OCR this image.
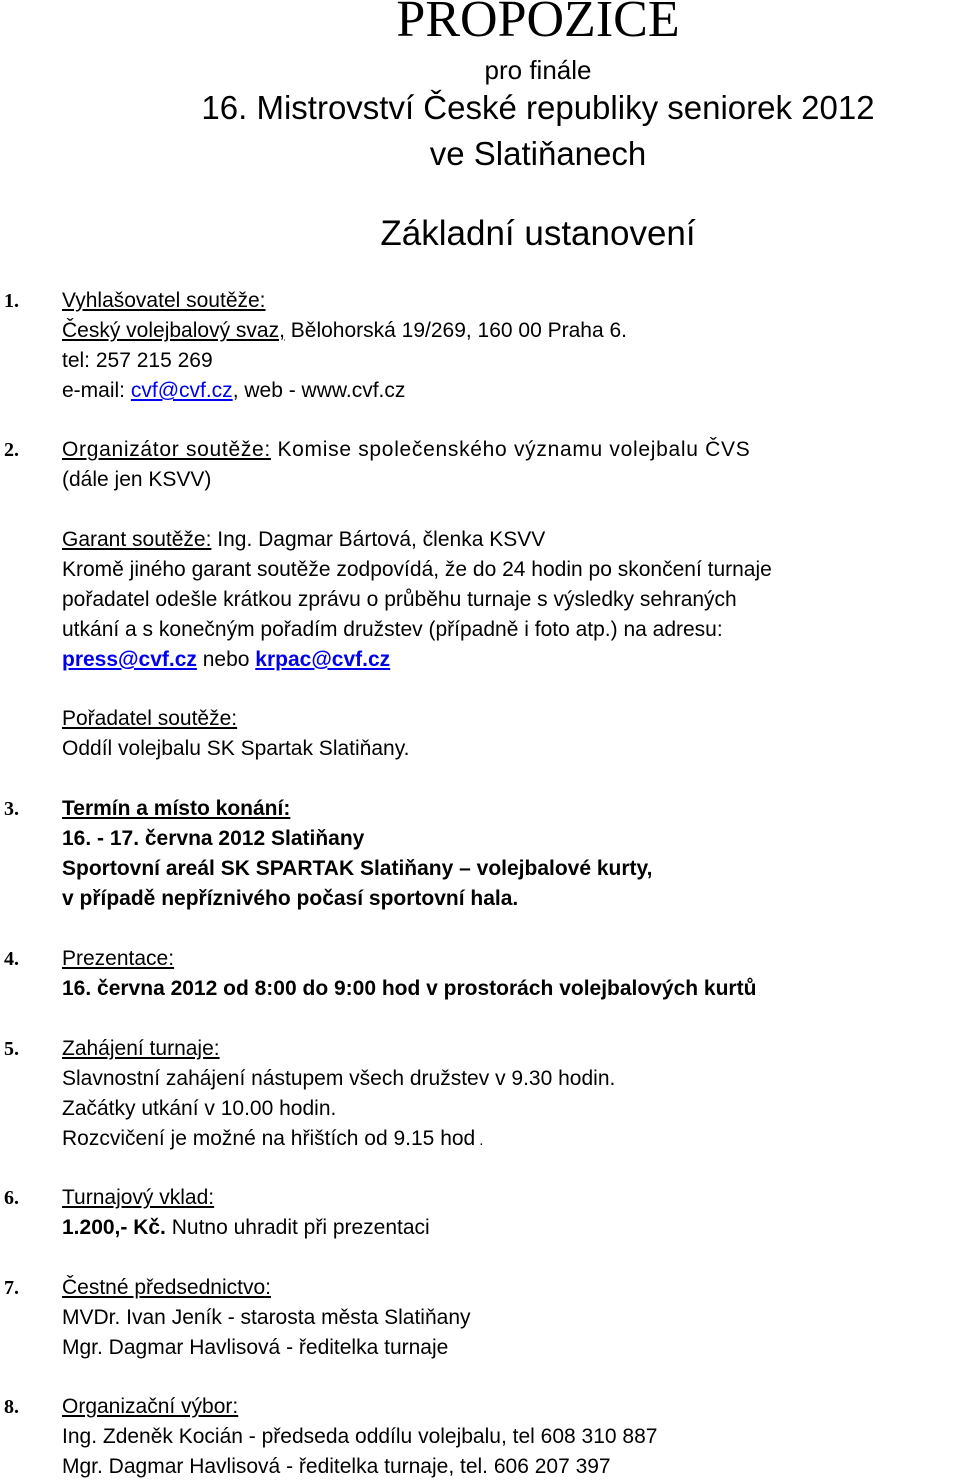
PROPOZICE
pro finále
16. Mistrovství České republiky seniorek 2012
ve Slatiňanech
Základní ustanovení
1. Vyhlašovatel soutěže:
Český volejbalový svaz, Bělohorská 19/269, 160 00 Praha 6.
tel: 257 215 269
e-mail: cvf@cvf.cz, web - www.cvf.cz
2. Organizátor soutěže: Komise společenského významu volejbalu ČVS
(dále jen KSVV)
Garant soutěže: Ing. Dagmar Bártová, členka KSVV
Kromě jiného garant soutěže zodpovídá, že do 24 hodin po skončení turnaje
pořadatel odešle krátkou zprávu o průběhu turnaje s výsledky sehraných
utkání a s konečným pořadím družstev (případně i foto atp.) na adresu:
press@cvf.cz nebo krpac@cvf.cz
Pořadatel soutěže:
Oddíl volejbalu SK Spartak Slatiňany.
3. Termín a místo konání:
16. - 17. června 2012 Slatiňany
Sportovní areál SK SPARTAK Slatiňany – volejbalové kurty,
v případě nepříznivého počasí sportovní hala.
4. Prezentace:
16. června 2012 od 8:00 do 9:00 hod v prostorách volejbalových kurtů
5. Zahájení turnaje:
Slavnostní zahájení nástupem všech družstev v 9.30 hodin.
Začátky utkání v 10.00 hodin.
Rozcvičení je možné na hřištích od 9.15 hod .
6. Turnajový vklad:
1.200,- Kč. Nutno uhradit při prezentaci
7. Čestné předsednictvo:
MVDr. Ivan Jeník - starosta města Slatiňany
Mgr. Dagmar Havlisová - ředitelka turnaje
8. Organizační výbor:
Ing. Zdeněk Kocián - předseda oddílu volejbalu, tel 608 310 887
Mgr. Dagmar Havlisová - ředitelka turnaje, tel. 606 207 397
